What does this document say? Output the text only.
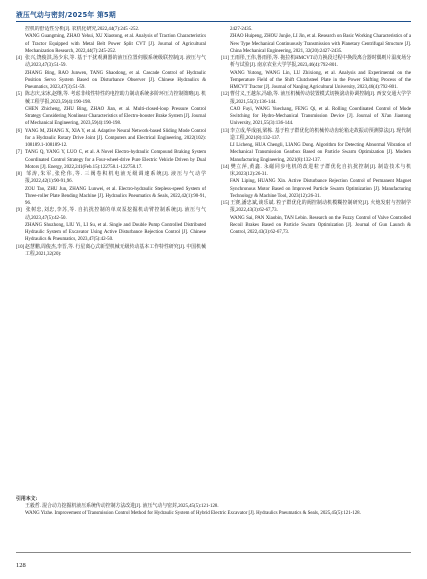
液压气动与密封/2025年 第5期
控机的舒适性分析[J]. 农机化研究,2022,44(7):245 -252.
WANG Guangming, ZHAO Yehui, XU Xiaotong, et al. Analysis of Traction Characteristics of Tractor Equipped with Metal Belt Power Split CVT [J]. Journal of Agricultural Mechanization Research, 2022,44(7):245-252.
[4] 张兴,饶俊淇,汤少东,等. 基于干扰观测器的液压位置伺服系统级联控制[J]. 液压与气动,2023,47(3):51-59.
ZHANG Bing, RAO Junwen, TANG Shaodong, et al. Cascade Control of Hydraulic Position Servo System Based on Disturbance Observer [J]. Chinese Hydraulics & Pneumatics, 2023,47(3):51-59.
[5] 陈志庆,宋冰,赵继,等. 考虑非线性特性的电控助力制动系统多阶环压力控制策略[J]. 机械工程学报,2023,59(4):190-198.
CHEN Zhicheng, ZHU Bing, ZHAO Jian, et al. Multi-closed-loop Pressure Control Strategy Considering Nonlinear Characteristics of Electro-booster Brake System [J]. Journal of Mechanical Engineering, 2023,59(4):190-198.
[6] YANG M, ZHANG X, XIA Y, et al. Adaptive Neural Network-based Sliding Mode Control for a Hydraulic Rotary Drive Joint [J]. Computers and Electrical Engineering, 2022(102): 108189.1-108189-12.
[7] TANG Q, YANG Y, LUO C, et al. A Novel Electro-hydraulic Compound Braking System Coordinated Control Strategy for a Four-wheel-drive Pure Electric Vehicle Driven by Dual Motors [J]. Energy, 2022,241(Feb.15):122750.1-122750.17.
[8] 邹涛,朱军,张伦伟,等. 三阀卷积机电液无级调速系统[J]. 液压与气动学报,2022,42(1):90-91,96.
ZOU Tao, ZHU Jun, ZHANG Lunwei, et al. Electro-hydraulic Stepless-speed System of Three-roller Plate Bending Machine [J]. Hydraulics Pneumatics & Seals, 2022,42(1):90-91, 96.
[9] 张树忠,刘忠,李苏,等. 自抗扰控制的单双泵挖掘机动臂控制系统[J]. 液压与气动,2023,47(5):42-50.
ZHANG Shuzhong, LIU Yi, LI Su, et al. Single and Double Pump Controlled Distributed Hydraulic System of Excavator Using Active Disturbance Rejection Control [J]. Chinese Hydraulics & Pneumatics, 2023,47(5):42-50.
[10]赵慧鹏,周俊杰,李晋,等. 行星离心式新型机械无级传动基本工作特性研究[J]. 中国机械工程,2021,32(20):
2427-2435.
ZHAO Huipeng, ZHOU Junjie, LI Jin, et al. Research on Basic Working Characteristics of a New Type Mechanical Continuously Transmission with Planetary Centrifugal Structure [J]. China Mechanical Engineering, 2021, 32(20):2427-2435.
[11]王雨彤,王伟,鲁雨彤,等. 拖拉机HMCVT动力换段过程中换段离合器时偶则片温度场分析与试验[J]. 南京农业大学学报,2023,46(4):792-801.
WANG Yutong, WANG Lin, LU Zhixiong, et al. Analysis and Experimental on the Temperature Field of the Shift Clutchsteel Plate in the Power Shifting Process of the HMCVT Tractor [J]. Journal of Nanjing Agricultural University, 2023,46(4):792-801.
[12]曹付义,王越东,冯瑜,等. 液压机械传动装置模式切换滚动协调控制[J]. 西安交通大学学报,2021,55(3):136-144.
CAO Fuyi, WANG Yuechang, FENG Qi, et al. Rolling Coordinated Control of Mode Switching for Hydro-Mechanical Transmission Device [J]. Journal of Xi'an Jiaotong University, 2021,55(3):136-144.
[13]李立成,华成丽,梁栋. 基于粒子群优化的机械传动齿轮箱走故振动预测算法[J]. 现代制造工程,2021(8):132-137.
LI Licheng, HUA Chengli, LIANG Dong. Algorithm for Detecting Abnormal Vibration of Mechanical Transmission Gearbox Based on Particle Swarm Optimization [J]. Modern Manufacturing Engineering, 2021(8):132-137.
[14]樊立萍,黄鑫. 永磁同步电机的改进粒子群优化自抗扰控制[J]. 制造技术与机床,2023(12):26-31.
FAN Liping, HUANG Xin. Active Disturbance Rejection Control of Permanent Magnet Synchronous Motor Based on Improved Particle Swarm Optimization [J]. Manufacturing Technology & Machine Tool, 2023(12):26-31.
[15]王赛,潘忠斌,谈乐斌. 粒子群优化的阀控制动机模糊控制研究[J]. 火炮发射与控制学报,2022,43(3):62-67,73.
WANG Sai, PAN Xiaobin, TAN Lebin. Research on the Fuzzy Control of Valve Controlled Recoil Brakes Based on Particle Swarm Optimization [J]. Journal of Gun Launch & Control, 2022,43(3):62-67,73.
引用本文:
王毅哲. 混合动力挖掘机液压系统传动控制方法改进[J]. 液压气动与密封,2025,45(5):121-128.
WANG Yizhe. Improvement of Transmission Control Method for Hydraulic System of Hybrid Electric Excavator [J]. Hydraulics Pneumatics & Seals, 2025,45(5):121-128.
128
